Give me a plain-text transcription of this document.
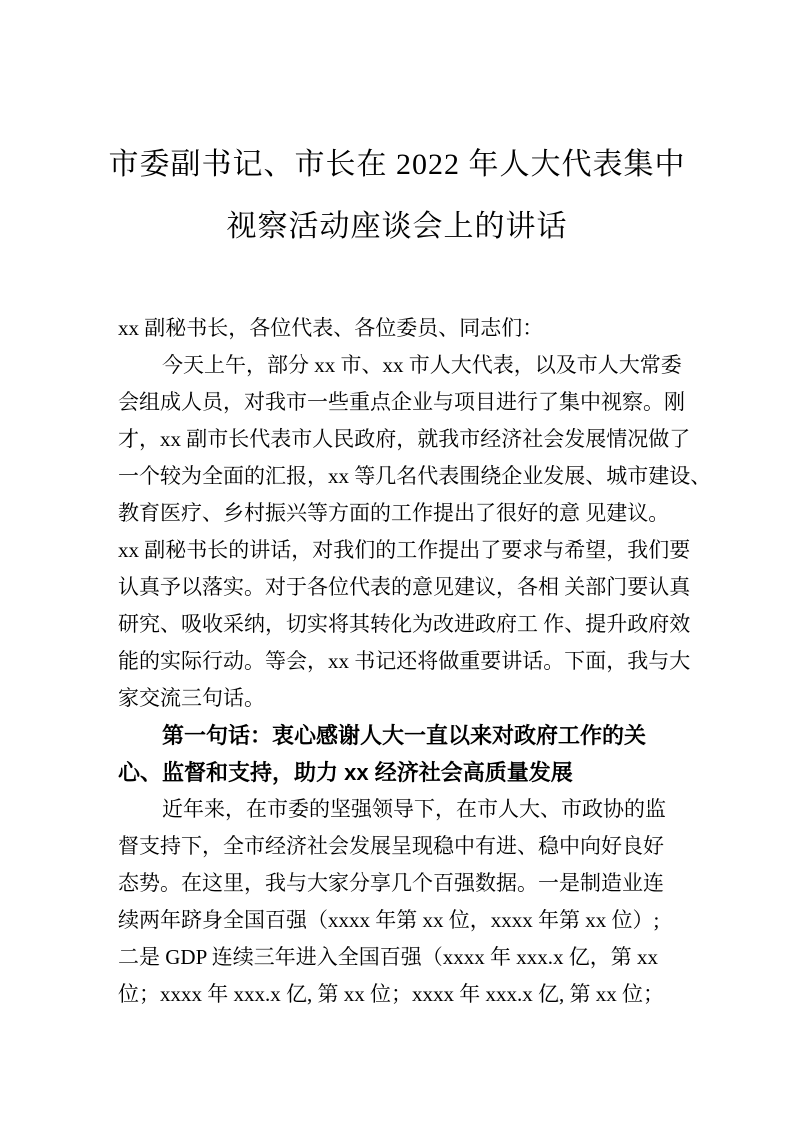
市委副书记、市长在 2022 年人大代表集中
视察活动座谈会上的讲话
xx 副秘书长，各位代表、各位委员、同志们：
今天上午，部分 xx 市、xx 市人大代表，以及市人大常委
会组成人员，对我市一些重点企业与项目进行了集中视察。刚
才，xx 副市长代表市人民政府，就我市经济社会发展情况做了
一个较为全面的汇报，xx 等几名代表围绕企业发展、城市建设、
教育医疗、乡村振兴等方面的工作提出了很好的意 见建议。
xx 副秘书长的讲话，对我们的工作提出了要求与希望，我们要
认真予以落实。对于各位代表的意见建议，各相 关部门要认真
研究、吸收采纳，切实将其转化为改进政府工 作、提升政府效
能的实际行动。等会，xx 书记还将做重要讲话。下面，我与大
家交流三句话。
第一句话：衷心感谢人大一直以来对政府工作的关
心、监督和支持，助力 xx 经济社会高质量发展
近年来，在市委的坚强领导下，在市人大、市政协的监
督支持下，全市经济社会发展呈现稳中有进、稳中向好良好
态势。在这里，我与大家分享几个百强数据。一是制造业连
续两年跻身全国百强（xxxx 年第 xx 位，xxxx 年第 xx 位）;
二是 GDP 连续三年进入全国百强（xxxx 年 xxx.x 亿，第 xx
位；xxxx 年 xxx.x 亿, 第 xx 位；xxxx 年 xxx.x 亿, 第 xx 位；
